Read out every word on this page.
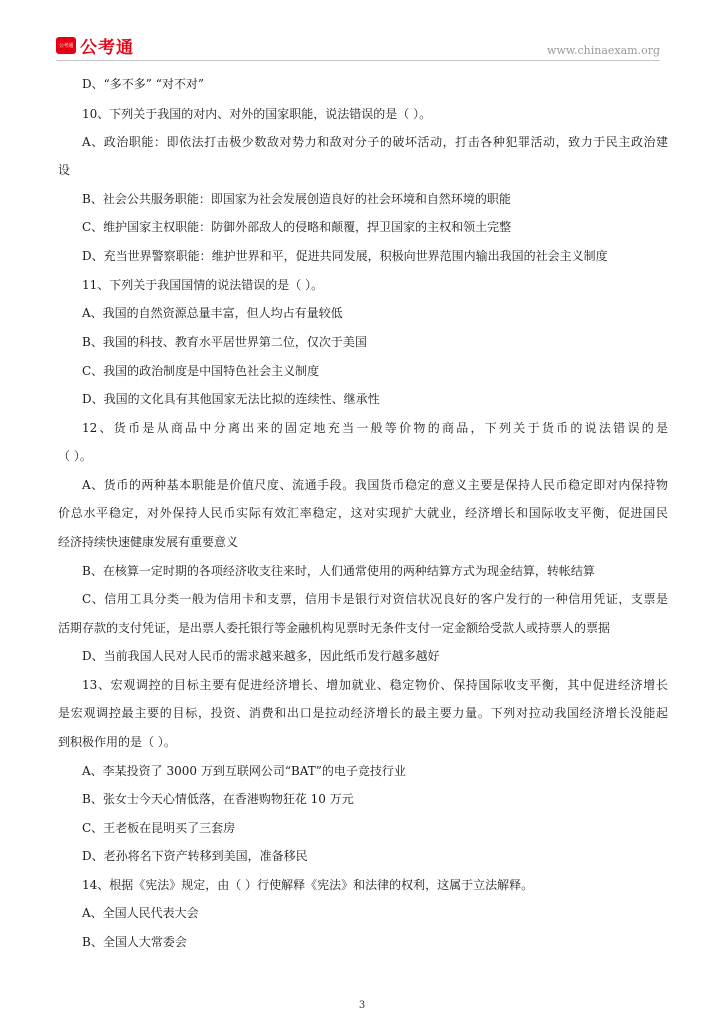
公考通 公考通	www.chinaexam.org
D、“多不多” “对不对”
10、下列关于我国的对内、对外的国家职能，说法错误的是（ ）。
A、政治职能：即依法打击极少数敌对势力和敌对分子的破坏活动，打击各种犯罪活动，致力于民主政治建
设
B、社会公共服务职能：即国家为社会发展创造良好的社会环境和自然环境的职能
C、维护国家主权职能：防御外部敌人的侵略和颠覆，捍卫国家的主权和领土完整
D、充当世界警察职能：维护世界和平，促进共同发展，积极向世界范围内输出我国的社会主义制度
11、下列关于我国国情的说法错误的是（ ）。
A、我国的自然资源总量丰富，但人均占有量较低
B、我国的科技、教育水平居世界第二位，仅次于美国
C、我国的政治制度是中国特色社会主义制度
D、我国的文化具有其他国家无法比拟的连续性、继承性
12、货币是从商品中分离出来的固定地充当一般等价物的商品，下列关于货币的说法错误的是
（ ）。
A、货币的两种基本职能是价值尺度、流通手段。我国货币稳定的意义主要是保持人民币稳定即对内保持物
价总水平稳定，对外保持人民币实际有效汇率稳定，这对实现扩大就业，经济增长和国际收支平衡，促进国民
经济持续快速健康发展有重要意义
B、在核算一定时期的各项经济收支往来时，人们通常使用的两种结算方式为现金结算，转帐结算
C、信用工具分类一般为信用卡和支票，信用卡是银行对资信状况良好的客户发行的一种信用凭证，支票是
活期存款的支付凭证，是出票人委托银行等金融机构见票时无条件支付一定金额给受款人或持票人的票据
D、当前我国人民对人民币的需求越来越多，因此纸币发行越多越好
13、宏观调控的目标主要有促进经济增长、增加就业、稳定物价、保持国际收支平衡，其中促进经济增长
是宏观调控最主要的目标，投资、消费和出口是拉动经济增长的最主要力量。下列对拉动我国经济增长没能起
到积极作用的是（ ）。
A、李某投资了 3000 万到互联网公司“BAT”的电子竞技行业
B、张女士今天心情低落，在香港购物狂花 10 万元
C、王老板在昆明买了三套房
D、老孙将名下资产转移到美国，准备移民
14、根据《宪法》规定，由（ ）行使解释《宪法》和法律的权利，这属于立法解释。
A、全国人民代表大会
B、全国人大常委会
3
